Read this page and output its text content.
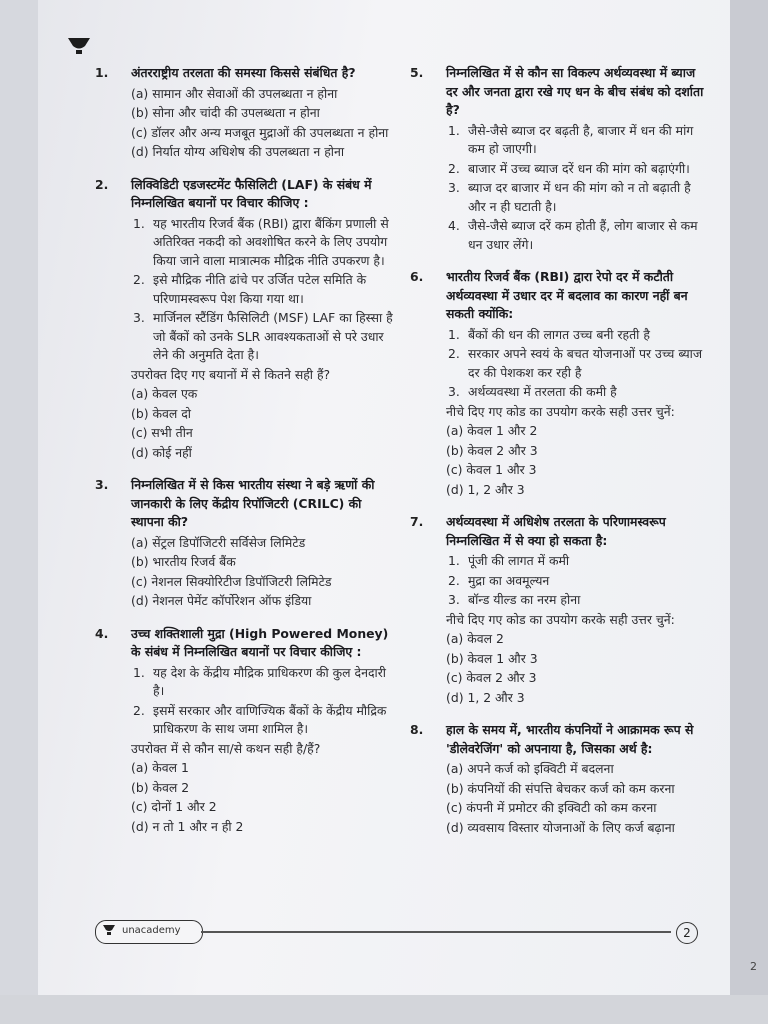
1. अंतरराष्ट्रीय तरलता की समस्या किससे संबंधित है?
(a) सामान और सेवाओं की उपलब्धता न होना
(b) सोना और चांदी की उपलब्धता न होना
(c) डॉलर और अन्य मजबूत मुद्राओं की उपलब्धता न होना
(d) निर्यात योग्य अधिशेष की उपलब्धता न होना
2. लिक्विडिटी एडजस्टमेंट फैसिलिटी (LAF) के संबंध में निम्नलिखित बयानों पर विचार कीजिए :
1. यह भारतीय रिजर्व बैंक (RBI) द्वारा बैंकिंग प्रणाली से अतिरिक्त नकदी को अवशोषित करने के लिए उपयोग किया जाने वाला मात्रात्मक मौद्रिक नीति उपकरण है।
2. इसे मौद्रिक नीति ढांचे पर उर्जित पटेल समिति के परिणामस्वरूप पेश किया गया था।
3. मार्जिनल स्टैंडिंग फैसिलिटी (MSF) LAF का हिस्सा है जो बैंकों को उनके SLR आवश्यकताओं से परे उधार लेने की अनुमति देता है।
उपरोक्त दिए गए बयानों में से कितने सही हैं?
(a) केवल एक
(b) केवल दो
(c) सभी तीन
(d) कोई नहीं
3. निम्नलिखित में से किस भारतीय संस्था ने बड़े ऋणों की जानकारी के लिए केंद्रीय रिपॉजिटरी (CRILC) की स्थापना की?
(a) सेंट्रल डिपॉजिटरी सर्विसेज लिमिटेड
(b) भारतीय रिजर्व बैंक
(c) नेशनल सिक्योरिटीज डिपॉजिटरी लिमिटेड
(d) नेशनल पेमेंट कॉर्पोरेशन ऑफ इंडिया
4. उच्च शक्तिशाली मुद्रा (High Powered Money) के संबंध में निम्नलिखित बयानों पर विचार कीजिए :
1. यह देश के केंद्रीय मौद्रिक प्राधिकरण की कुल देनदारी है।
2. इसमें सरकार और वाणिज्यिक बैंकों के केंद्रीय मौद्रिक प्राधिकरण के साथ जमा शामिल है।
उपरोक्त में से कौन सा/से कथन सही है/हैं?
(a) केवल 1
(b) केवल 2
(c) दोनों 1 और 2
(d) न तो 1 और न ही 2
5. निम्नलिखित में से कौन सा विकल्प अर्थव्यवस्था में ब्याज दर और जनता द्वारा रखे गए धन के बीच संबंध को दर्शाता है?
1. जैसे-जैसे ब्याज दर बढ़ती है, बाजार में धन की मांग कम हो जाएगी।
2. बाजार में उच्च ब्याज दरें धन की मांग को बढ़ाएंगी।
3. ब्याज दर बाजार में धन की मांग को न तो बढ़ाती है और न ही घटाती है।
4. जैसे-जैसे ब्याज दरें कम होती हैं, लोग बाजार से कम धन उधार लेंगे।
6. भारतीय रिजर्व बैंक (RBI) द्वारा रेपो दर में कटौती अर्थव्यवस्था में उधार दर में बदलाव का कारण नहीं बन सकती क्योंकि:
1. बैंकों की धन की लागत उच्च बनी रहती है
2. सरकार अपने स्वयं के बचत योजनाओं पर उच्च ब्याज दर की पेशकश कर रही है
3. अर्थव्यवस्था में तरलता की कमी है
नीचे दिए गए कोड का उपयोग करके सही उत्तर चुनें:
(a) केवल 1 और 2
(b) केवल 2 और 3
(c) केवल 1 और 3
(d) 1, 2 और 3
7. अर्थव्यवस्था में अधिशेष तरलता के परिणामस्वरूप निम्नलिखित में से क्या हो सकता है:
1. पूंजी की लागत में कमी
2. मुद्रा का अवमूल्यन
3. बॉन्ड यील्ड का नरम होना
नीचे दिए गए कोड का उपयोग करके सही उत्तर चुनें:
(a) केवल 2
(b) केवल 1 और 3
(c) केवल 2 और 3
(d) 1, 2 और 3
8. हाल के समय में, भारतीय कंपनियों ने आक्रामक रूप से 'डीलेवरेजिंग' को अपनाया है, जिसका अर्थ है:
(a) अपने कर्ज को इक्विटी में बदलना
(b) कंपनियों की संपत्ति बेचकर कर्ज को कम करना
(c) कंपनी में प्रमोटर की इक्विटी को कम करना
(d) व्यवसाय विस्तार योजनाओं के लिए कर्ज बढ़ाना
unacademy	2
2
